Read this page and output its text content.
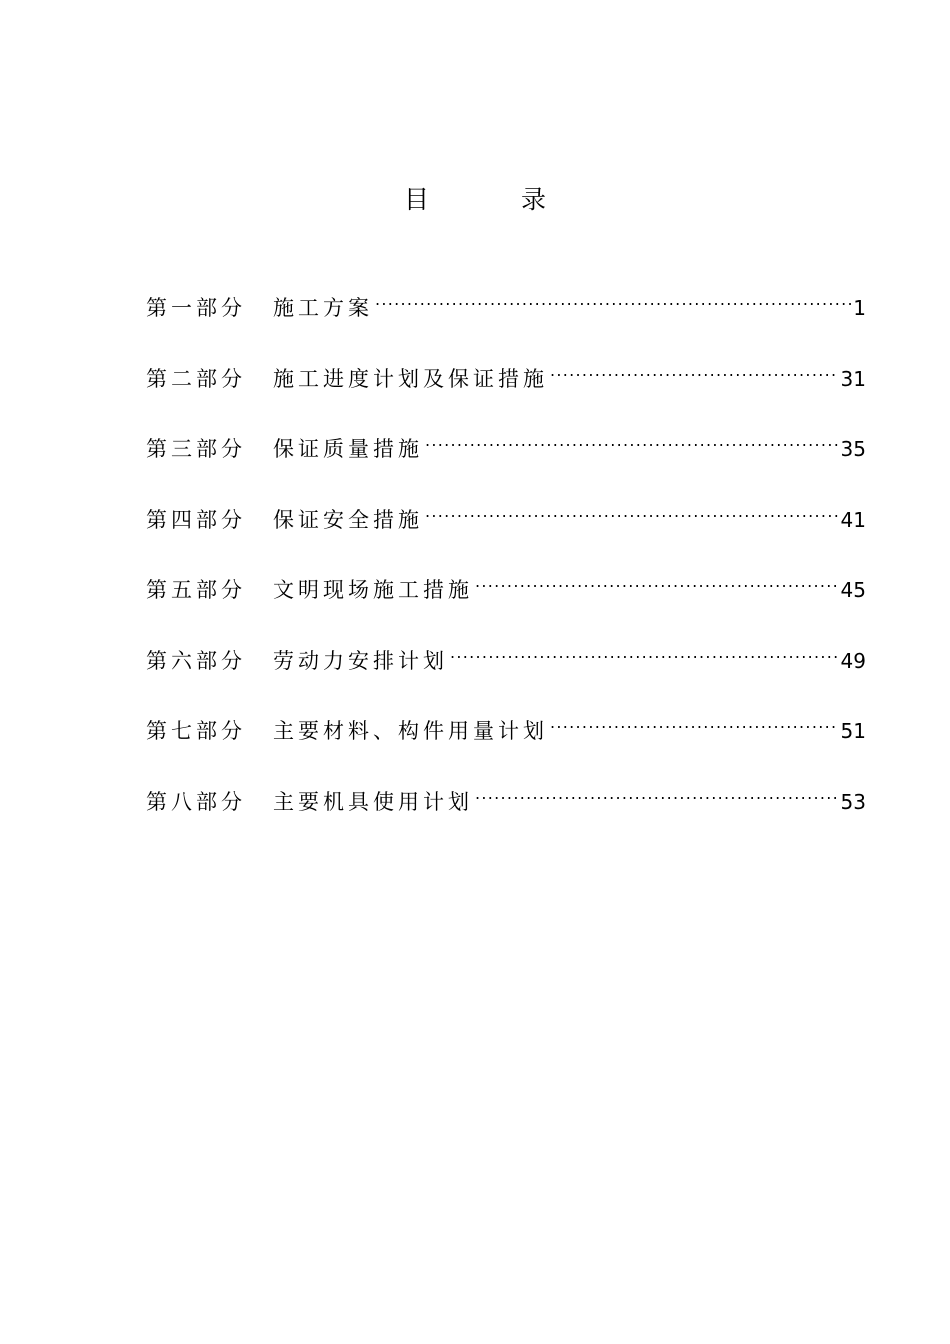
目 录
第一部分	施工方案 .....	1
第二部分	施工进度计划及保证措施 .....	31
第三部分	保证质量措施 .....	35
第四部分	保证安全措施 .....	41
第五部分	文明现场施工措施 .....	45
第六部分	劳动力安排计划 .....	49
第七部分	主要材料、构件用量计划 .....	51
第八部分	主要机具使用计划 .....	53
